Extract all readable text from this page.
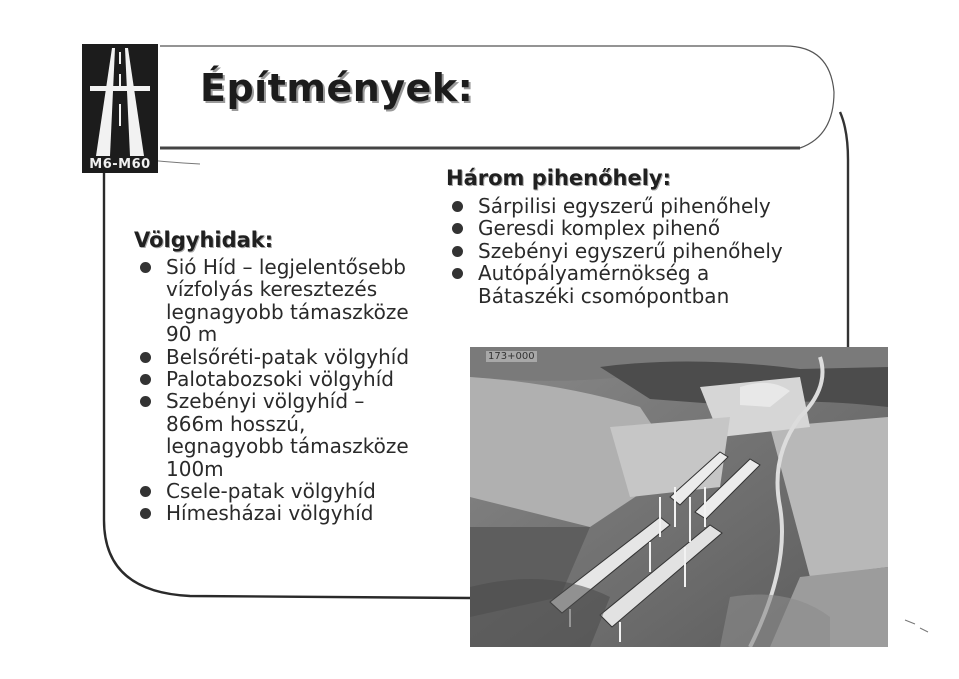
M6-M60
Építmények:
Völgyhidak:
Sió Híd – legjelentősebb
vízfolyás keresztezés
legnagyobb támaszköze
90 m
Belsőréti-patak völgyhíd
Palotabozsoki völgyhíd
Szebényi völgyhíd –
866m hosszú,
legnagyobb támaszköze
100m
Csele-patak völgyhíd
Hímesházai völgyhíd
Három pihenőhely:
Sárpilisi egyszerű pihenőhely
Geresdi komplex pihenő
Szebényi egyszerű pihenőhely
Autópályamérnökség a
Bátaszéki csomópontban
173+000
